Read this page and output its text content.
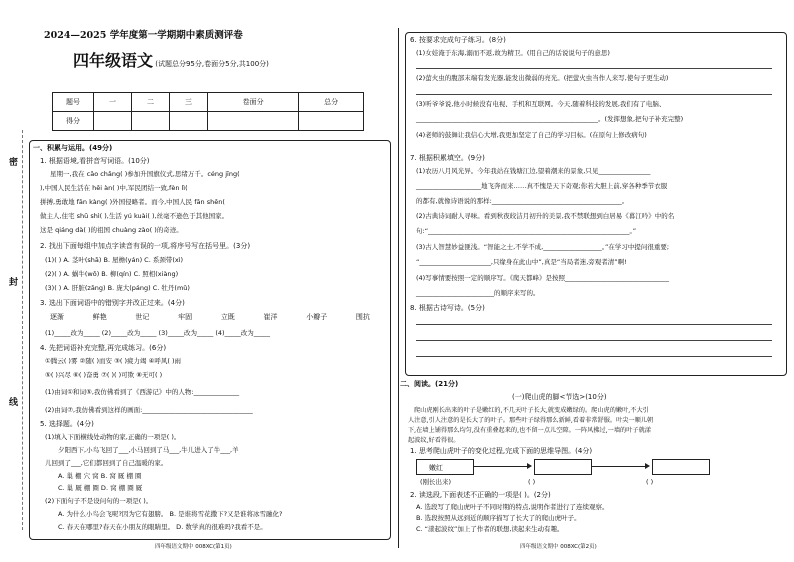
密
封
线
2024—2025 学年度第一学期期中素质测评卷
四年级语文 (试题总分95分,卷面分5分,共100分)
题号	一	二	三	卷面分	总分
得分					
一、积累与运用。(49分)
1. 根据语境,看拼音写词语。(10分)
星期一,我在 cāo chǎng( )参加升国旗仪式,思绪万千。céng jīng(
),中国人民生活在 hēi àn( )中,军民团结一致,fèn lì(
拼搏,勇敢地 fān kàng( )外国侵略者。而今,中国人民 fān shēn(
做主人,住宅 shū shì( ),生活 yú kuài( ),丝毫不逊色于其他国家。
这是 qiáng dà( )的祖国 chuàng zào( )的奇迹。
2. 找出下面每组中加点字读音有误的一项,将序号写在括号里。(3分)
(1)( ) A. 茎叶(shā) B. 屋檐(yán) C. 系颈带(xì)
(2)( ) A. 蜗牛(wō) B. 柳(qín) C. 照相(xiàng)
(3)( ) A. 肝脏(zāng) B. 庞大(páng) C. 牡丹(mǔ)
3. 选出下面词语中的错别字并改正过来。(4分)
逐渐	鲜艳	世记	牢固	立既	崔洋	小瓣子	围抗
(1)_____改为_____ (2)_____改为_____ (3)_____改为_____ (4)_____改为_____
4. 先把词语补充完整,再完成练习。(6分)
①腾云( )雾 ②随( )而安 ③( )疲力竭 ④呼风( )雨
⑤( )兴尽 ⑥( )奋勇 ⑦( )( )可欺 ⑧无可( )
(1)由词①和词⑤,我仿佛看到了《西游记》中的人物:______________
(2)由词⑦,我仿佛看到这样的画面:__________________________________
5. 选择题。(4分)
(1)填入下面横线处动物的家,正确的一项是( )。
夕阳西下,小鸟飞回了___,小马回到了马___,牛儿进入了牛___,羊
儿回到了___,它们都回到了自己温暖的家。
A. 巢 棚 穴 窝 B. 窝 厩 棚 圈
C. 巢 厩 棚 圈 D. 窝 棚 圈 厩
(2)下面句子不是设问句的一项是( )。
A. 为什么小鸟会飞呢?因为它有翅膀。 B. 是谁将雪花撒下?又是谁将冰雪融化?
C. 春天在哪里?春天在小朋友的眼睛里。 D. 数学真的很难吗?我看不是。
四年级语文期中 008XC(第1页)
6. 按要求完成句子练习。(8分)
(1)女娃淹于东海,溺而不返,故为精卫。(用自己的话说说句子的意思)
(2)萤火虫的腹部末端有发光器,能发出微弱的亮光。(把萤火虫当作人来写,使句子更生动)
(3)听爷爷说,他小时候没有电视、手机和互联网。今天,随着科技的发展,我们有了电脑、
________________________________________________________。(发挥想象,把句子补充完整)
(4)老师的鼓舞让我信心大增,我更加坚定了自己的学习目标。(在原句上修改病句)
7. 根据积累填空。(9分)
(1)农历八月风光异。今年我站在钱塘江边,望着潮来的景象,只见________________
____________________地飞奔而来……真不愧是天下奇观;你若大胆上前,穿各种季节衣服
的都有,就像诗语说的那样:________________________________________。
(2)古典诗词耐人寻味。看到秋夜皎洁月初升的美景,我不禁联想到白居易《暮江吟》中的名
句:“______________________________________________________________。”
(3)古人智慧妙益匪浅。“智能之士,不学不成,__________________。”在学习中提问很重要;
“______________________,只缘身在此山中”,真是“当局者迷,旁观者清”啊!
(4)写事情要按照一定的顺序写。《爬天都峰》是按照________________________________
________________________的顺序来写的。
8. 根据古诗写诗。(5分)
二、阅读。(21分)
(一)爬山虎的脚<节选>(10分)
爬山虎刚长出来的叶子是嫩红的,不几天叶子长大,就变成嫩绿的。爬山虎的嫩叶,不大引
人注意,引人注意的是长大了的叶子。那些叶子绿得那么新鲜,看着非常舒服。叶尖一顺儿朝
下,在墙上铺得那么均匀,没有重叠起来的,也不留一点儿空隙。一阵风拂过,一墙的叶子就漾
起波纹,好看得很。
1. 思考爬山虎叶子的变化过程,完成下面的思维导图。(4分)
嫩红
(刚长出来)	( )	( )
2. 读选段,下面表述不正确的一项是( )。(2分)
A. 选段写了爬山虎叶子不同时期的特点,说明作者进行了连续观察。
B. 选段按照从远到近的顺序描写了长大了的爬山虎叶子。
C. “漾起波纹”加上了作者的联想,读起来生动有趣。
四年级语文期中 008XC(第2页)
